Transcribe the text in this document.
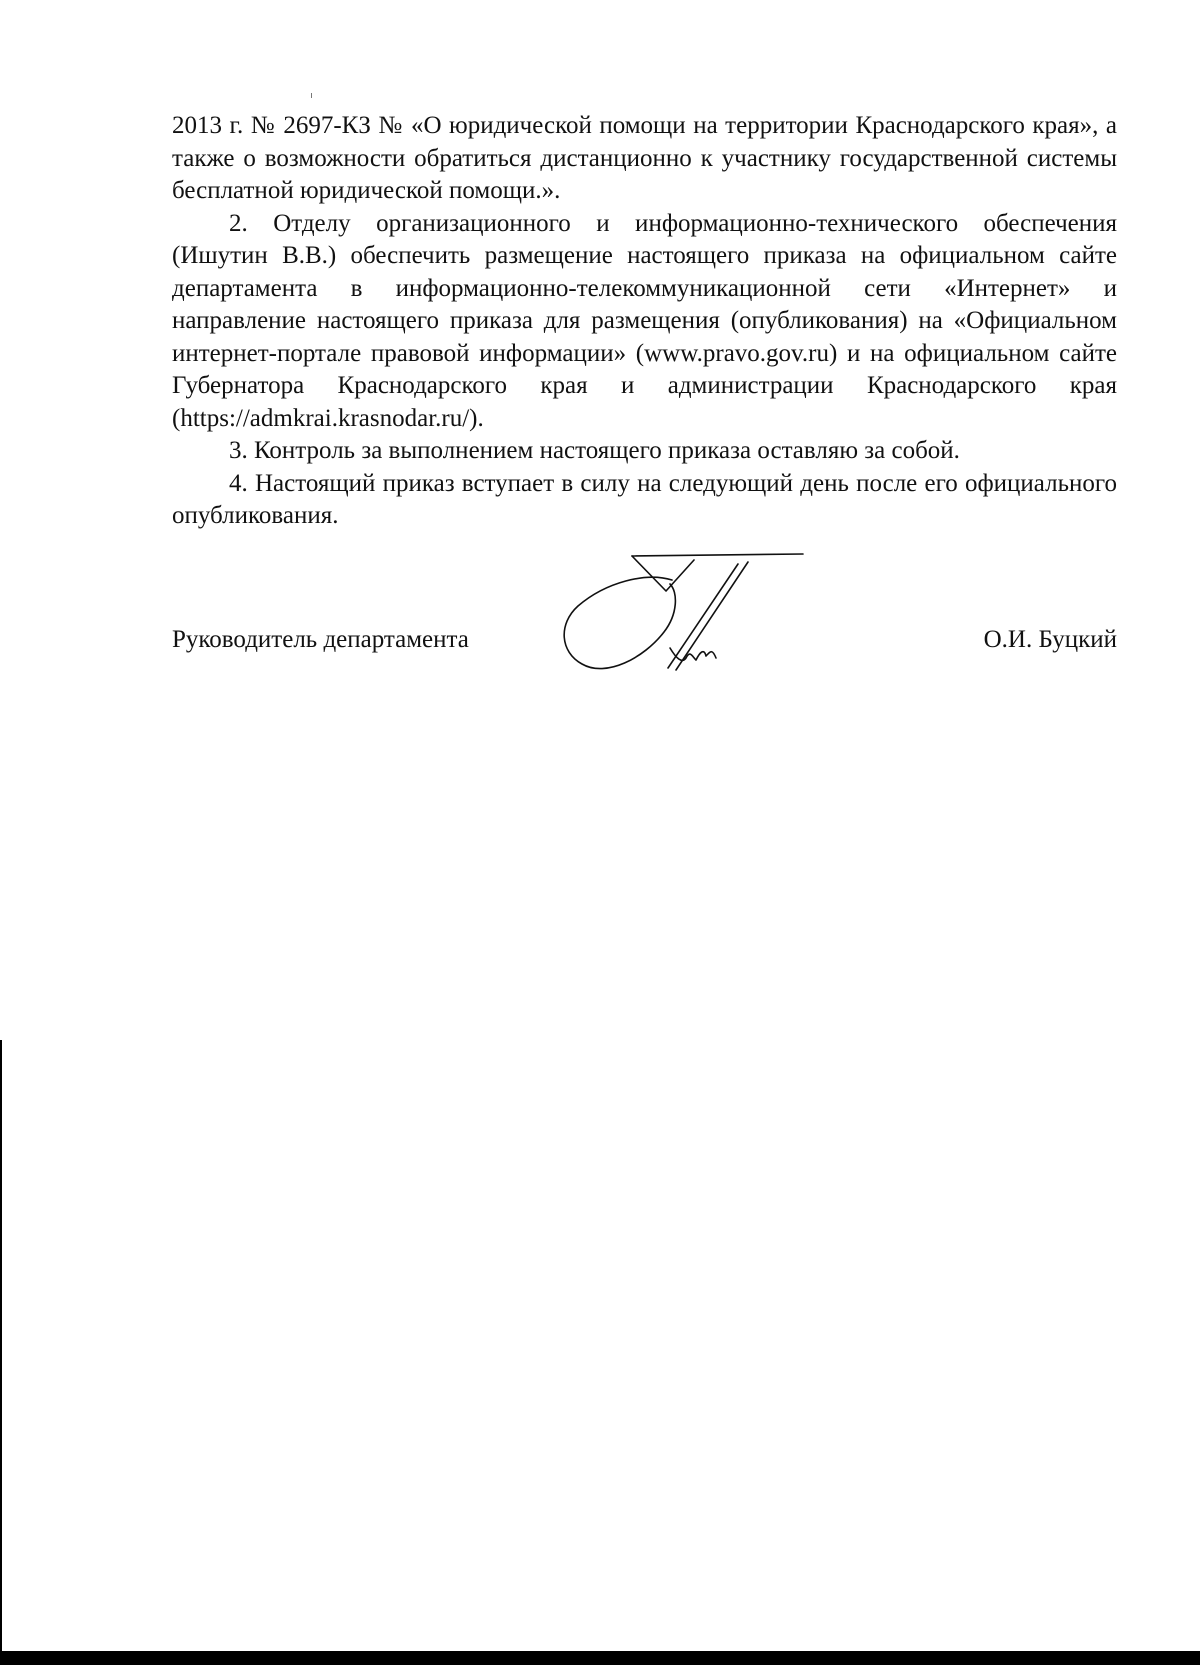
2013 г. № 2697-КЗ № «О юридической помощи на территории Краснодарского края», а также о возможности обратиться дистанционно к участнику государственной системы бесплатной юридической помощи.».

2. Отделу организационного и информационно-технического обеспечения (Ишутин В.В.) обеспечить размещение настоящего приказа на официальном сайте департамента в информационно-телекоммуникационной сети «Интернет» и направление настоящего приказа для размещения (опубликования) на «Официальном интернет-портале правовой информации» (www.pravo.gov.ru) и на официальном сайте Губернатора Краснодарского края и администрации Краснодарского края (https://admkrai.krasnodar.ru/).

3. Контроль за выполнением настоящего приказа оставляю за собой.

4. Настоящий приказ вступает в силу на следующий день после его официального опубликования.

Руководитель департамента	О.И. Буцкий
